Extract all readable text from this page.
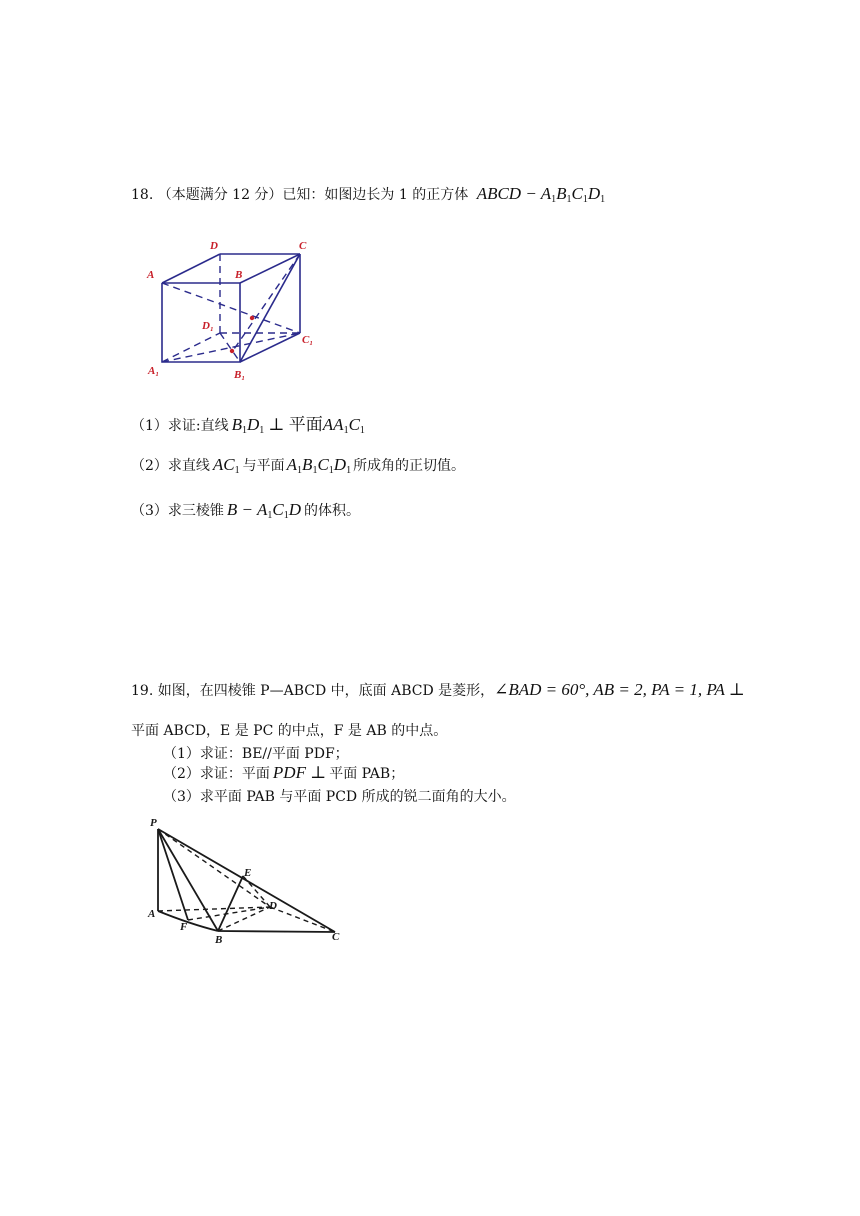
18. （本题满分 12 分）已知：如图边长为 1 的正方体 ABCD − $A_1B_1C_1D_1$
D	C
A	B
D₁
C₁
A₁	B₁
（1）求证:直线 $B_1D_1$ ⊥ 平面$AA_1C_1$
（2）求直线 $AC_1$ 与平面 $A_1B_1C_1D_1$ 所成角的正切值。
（3）求三棱锥 $B - A_1C_1D$ 的体积。
19. 如图，在四棱锥 P—ABCD 中，底面 ABCD 是菱形，∠BAD = 60°, AB = 2, PA = 1, PA ⊥
平面 ABCD，E 是 PC 的中点，F 是 AB 的中点。
（1）求证：BE//平面 PDF；
（2）求证：平面 PDF ⊥ 平面 PAB；
（3）求平面 PAB 与平面 PCD 所成的锐二面角的大小。
P
E
D
A
F
B	C
